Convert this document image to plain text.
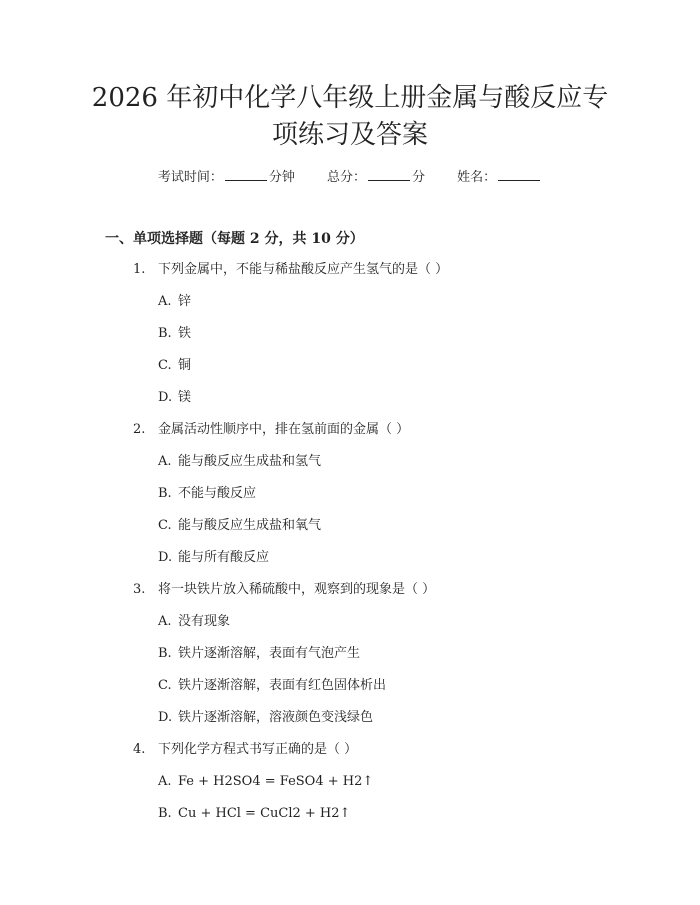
2026 年初中化学八年级上册金属与酸反应专
项练习及答案
考试时间：	分钟 总分：	分 姓名：
一、单项选择题（每题 2 分，共 10 分）
1. 下列金属中，不能与稀盐酸反应产生氢气的是（ ）
A. 锌
B. 铁
C. 铜
D. 镁
2. 金属活动性顺序中，排在氢前面的金属（ ）
A. 能与酸反应生成盐和氢气
B. 不能与酸反应
C. 能与酸反应生成盐和氧气
D. 能与所有酸反应
3. 将一块铁片放入稀硫酸中，观察到的现象是（ ）
A. 没有现象
B. 铁片逐渐溶解，表面有气泡产生
C. 铁片逐渐溶解，表面有红色固体析出
D. 铁片逐渐溶解，溶液颜色变浅绿色
4. 下列化学方程式书写正确的是（ ）
A. Fe + H2SO4 = FeSO4 + H2↑
B. Cu + HCl = CuCl2 + H2↑
